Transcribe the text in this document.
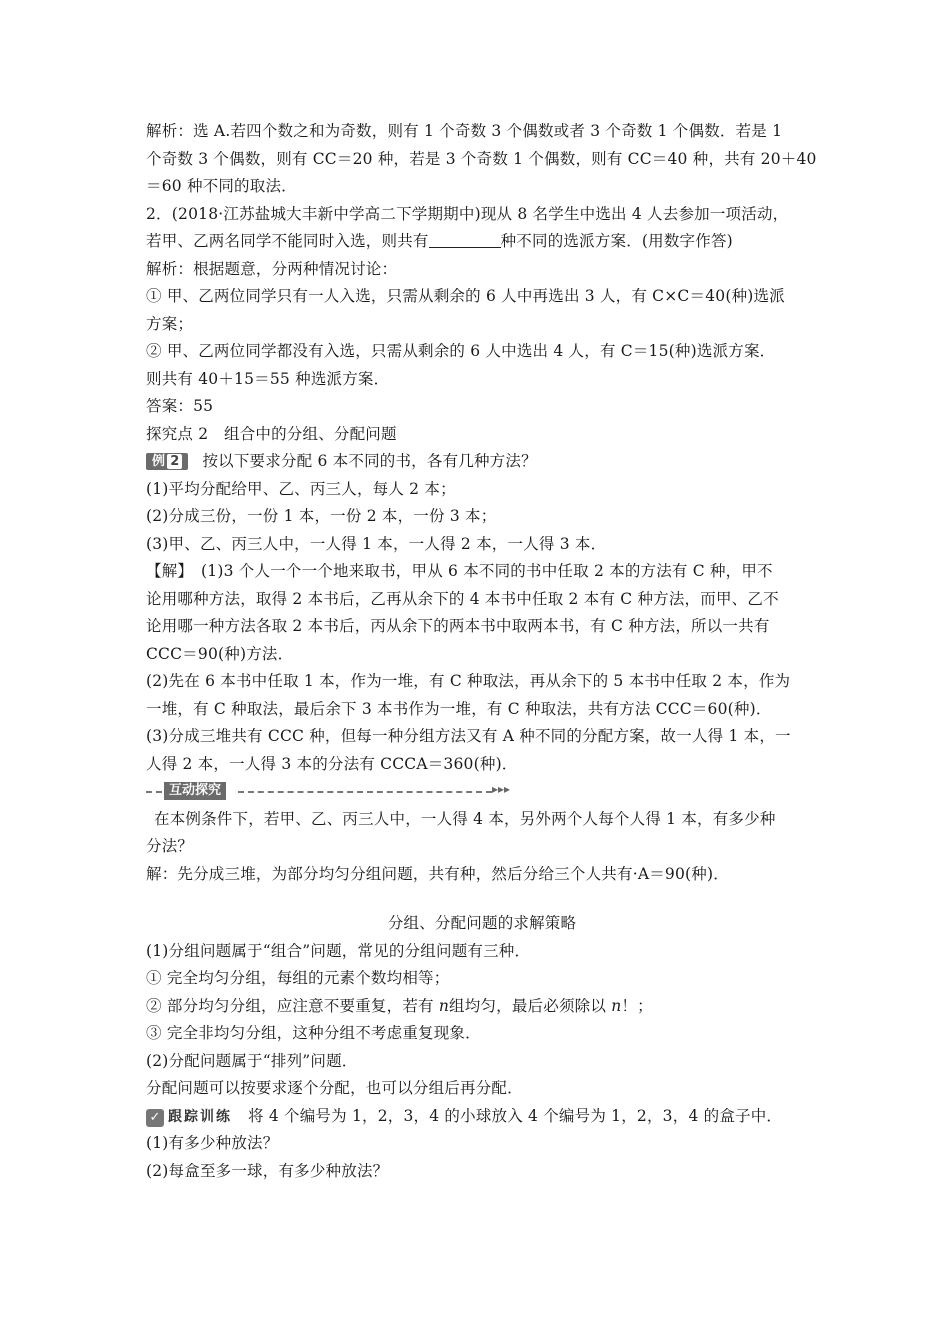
解析：选 A.若四个数之和为奇数，则有 1 个奇数 3 个偶数或者 3 个奇数 1 个偶数．若是 1
个奇数 3 个偶数，则有 CC＝20 种，若是 3 个奇数 1 个偶数，则有 CC＝40 种，共有 20＋40
＝60 种不同的取法．
2．(2018·江苏盐城大丰新中学高二下学期期中)现从 8 名学生中选出 4 人去参加一项活动，
若甲、乙两名同学不能同时入选，则共有	种不同的选派方案．(用数字作答)
解析：根据题意，分两种情况讨论：
① 甲、乙两位同学只有一人入选，只需从剩余的 6 人中再选出 3 人，有 C×C＝40(种)选派
方案；
② 甲、乙两位同学都没有入选，只需从剩余的 6 人中选出 4 人，有 C＝15(种)选派方案．
则共有 40＋15＝55 种选派方案．
答案：55
探究点 2　组合中的分组、分配问题
例 2 按以下要求分配 6 本不同的书，各有几种方法？
(1)平均分配给甲、乙、丙三人，每人 2 本；
(2)分成三份，一份 1 本，一份 2 本，一份 3 本；
(3)甲、乙、丙三人中，一人得 1 本，一人得 2 本，一人得 3 本．
【解】　(1)3 个人一个一个地来取书，甲从 6 本不同的书中任取 2 本的方法有 C 种，甲不
论用哪种方法，取得 2 本书后，乙再从余下的 4 本书中任取 2 本有 C 种方法，而甲、乙不
论用哪一种方法各取 2 本书后，丙从余下的两本书中取两本书，有 C 种方法，所以一共有
CCC＝90(种)方法．
(2)先在 6 本书中任取 1 本，作为一堆，有 C 种取法，再从余下的 5 本书中任取 2 本，作为
一堆，有 C 种取法，最后余下 3 本书作为一堆，有 C 种取法，共有方法 CCC＝60(种)．
(3)分成三堆共有 CCC 种，但每一种分组方法又有 A 种不同的分配方案，故一人得 1 本，一
人得 2 本，一人得 3 本的分法有 CCCA＝360(种)．
互动探究	▸▸▸
在本例条件下，若甲、乙、丙三人中，一人得 4 本，另外两个人每个人得 1 本，有多少种
分法？
解：先分成三堆，为部分均匀分组问题，共有种，然后分给三个人共有·A＝90(种)．
分组、分配问题的求解策略
(1)分组问题属于“组合”问题，常见的分组问题有三种．
① 完全均匀分组，每组的元素个数均相等；
② 部分均匀分组，应注意不要重复，若有 n组均匀，最后必须除以 n！；
③ 完全非均匀分组，这种分组不考虑重复现象．
(2)分配问题属于“排列”问题．
分配问题可以按要求逐个分配，也可以分组后再分配．
✓ 跟踪训练 将 4 个编号为 1，2，3，4 的小球放入 4 个编号为 1，2，3，4 的盒子中．
(1)有多少种放法？
(2)每盒至多一球，有多少种放法？
